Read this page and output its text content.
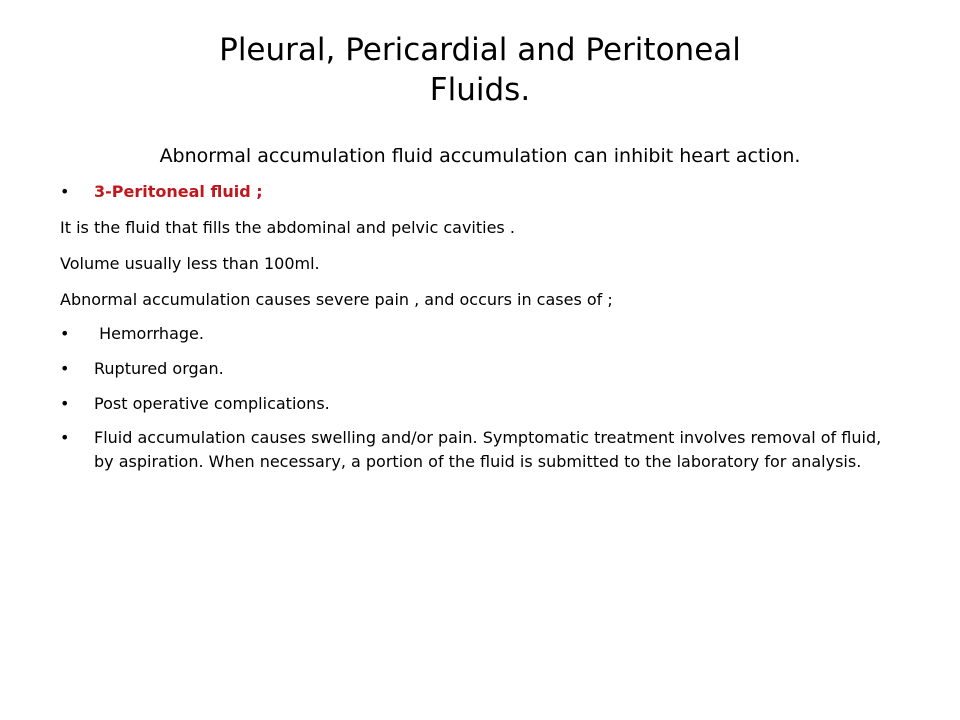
Pleural, Pericardial and Peritoneal
Fluids.
Abnormal accumulation fluid accumulation can inhibit heart action.
• 3-Peritoneal fluid ;
It is the fluid that fills the abdominal and pelvic cavities .
Volume usually less than 100ml.
Abnormal accumulation causes severe pain , and occurs in cases of ;
• Hemorrhage.
• Ruptured organ.
• Post operative complications.
• Fluid accumulation causes swelling and/or pain. Symptomatic treatment involves removal of fluid,   by aspiration. When necessary, a portion of the fluid is submitted to the laboratory for analysis.
